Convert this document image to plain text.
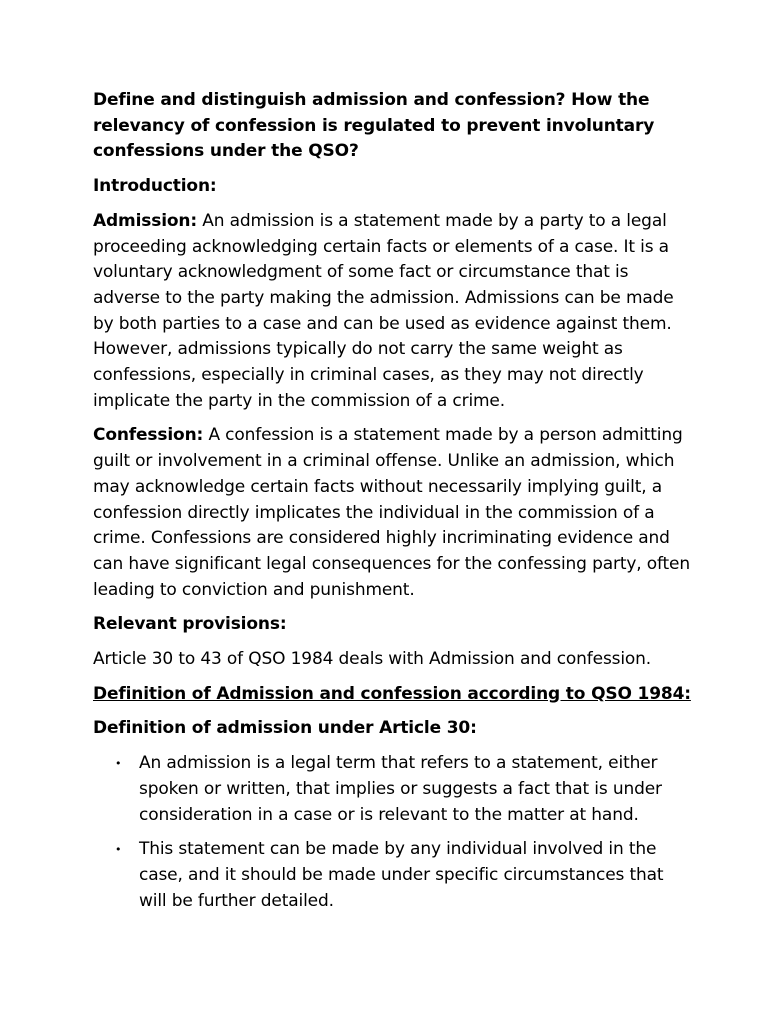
Define and distinguish admission and confession? How the relevancy of confession is regulated to prevent involuntary confessions under the QSO?

Introduction:

Admission: An admission is a statement made by a party to a legal proceeding acknowledging certain facts or elements of a case. It is a voluntary acknowledgment of some fact or circumstance that is adverse to the party making the admission. Admissions can be made by both parties to a case and can be used as evidence against them. However, admissions typically do not carry the same weight as confessions, especially in criminal cases, as they may not directly implicate the party in the commission of a crime.

Confession: A confession is a statement made by a person admitting guilt or involvement in a criminal offense. Unlike an admission, which may acknowledge certain facts without necessarily implying guilt, a confession directly implicates the individual in the commission of a crime. Confessions are considered highly incriminating evidence and can have significant legal consequences for the confessing party, often leading to conviction and punishment.

Relevant provisions:

Article 30 to 43 of QSO 1984 deals with Admission and confession.

Definition of Admission and confession according to QSO 1984:

Definition of admission under Article 30:

• An admission is a legal term that refers to a statement, either spoken or written, that implies or suggests a fact that is under consideration in a case or is relevant to the matter at hand.
• This statement can be made by any individual involved in the case, and it should be made under specific circumstances that will be further detailed.
